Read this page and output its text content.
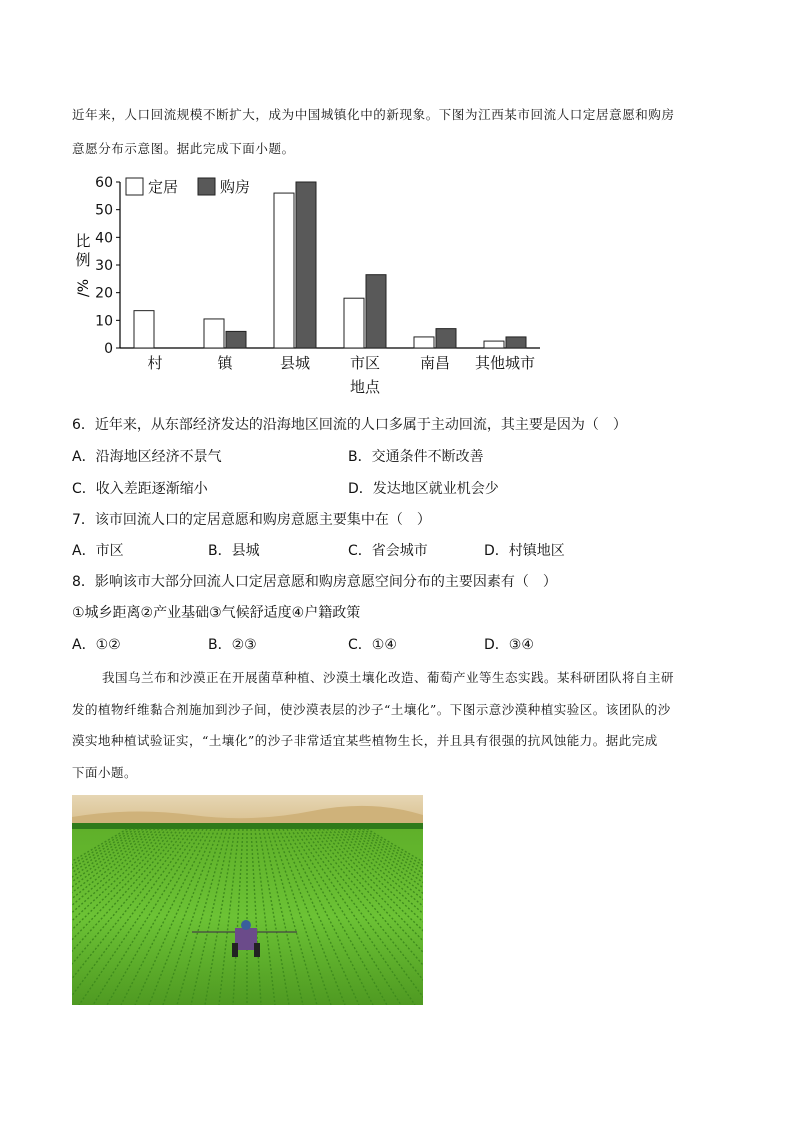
近年来，人口回流规模不断扩大，成为中国城镇化中的新现象。下图为江西某市回流人口定居意愿和购房
意愿分布示意图。据此完成下面小题。
0
10
20
30
40
50
60
比
例
/%
村	镇	县城	市区	南昌 其他城市
地点
定居	购房
6．近年来，从东部经济发达的沿海地区回流的人口多属于主动回流，其主要是因为（　）
A．沿海地区经济不景气	B．交通条件不断改善
C．收入差距逐渐缩小	D．发达地区就业机会少
7．该市回流人口的定居意愿和购房意愿主要集中在（　）
A．市区	B．县城	C．省会城市	D．村镇地区
8．影响该市大部分回流人口定居意愿和购房意愿空间分布的主要因素有（　）
①城乡距离②产业基础③气候舒适度④户籍政策
A．①②	B．②③	C．①④	D．③④
我国乌兰布和沙漠正在开展菌草种植、沙漠土壤化改造、葡萄产业等生态实践。某科研团队将自主研
发的植物纤维黏合剂施加到沙子间，使沙漠表层的沙子“土壤化”。下图示意沙漠种植实验区。该团队的沙
漠实地种植试验证实，“土壤化”的沙子非常适宜某些植物生长，并且具有很强的抗风蚀能力。据此完成
下面小题。
